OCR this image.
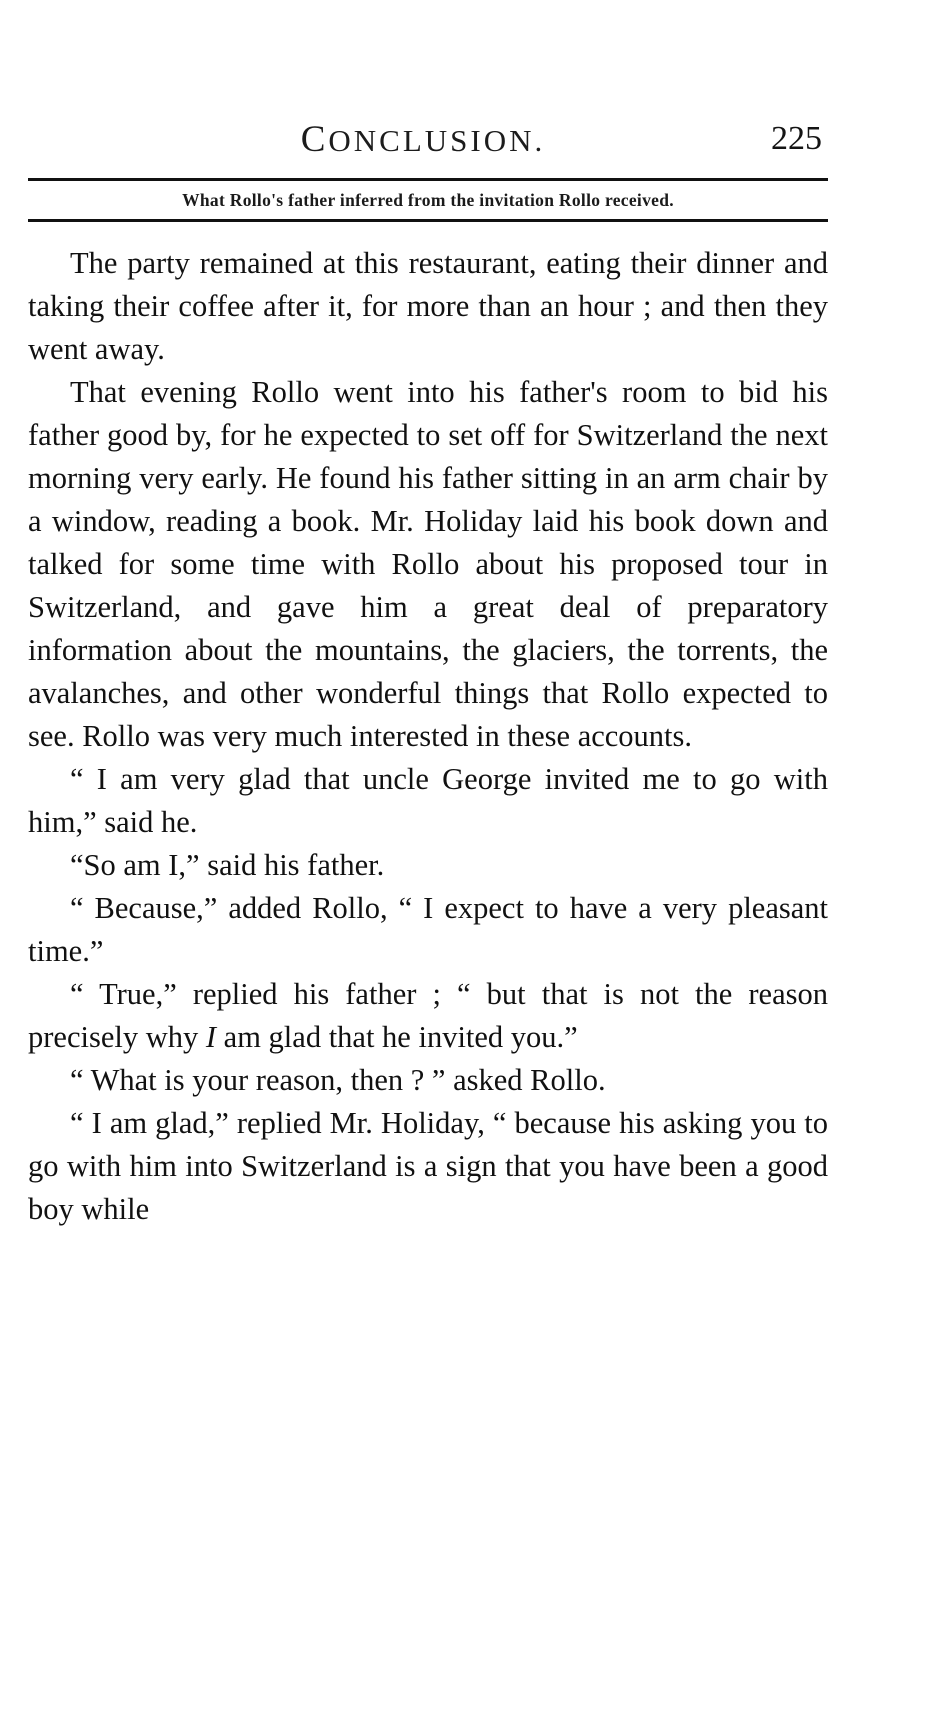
CONCLUSION.	225
What Rollo's father inferred from the invitation Rollo received.

The party remained at this restaurant, eating their dinner and taking their coffee after it, for more than an hour ; and then they went away.

That evening Rollo went into his father's room to bid his father good by, for he expected to set off for Switzerland the next morning very early. He found his father sitting in an arm chair by a window, reading a book. Mr. Holiday laid his book down and talked for some time with Rollo about his proposed tour in Switzerland, and gave him a great deal of preparatory information about the mountains, the glaciers, the torrents, the avalanches, and other wonderful things that Rollo expected to see. Rollo was very much interested in these accounts.

“ I am very glad that uncle George invited me to go with him,” said he.

“So am I,” said his father.

“ Because,” added Rollo, “ I expect to have a very pleasant time.”

“ True,” replied his father ; “ but that is not the reason precisely why I am glad that he invited you.”

“ What is your reason, then ? ” asked Rollo.

“ I am glad,” replied Mr. Holiday, “ because his asking you to go with him into Switzerland is a sign that you have been a good boy while
